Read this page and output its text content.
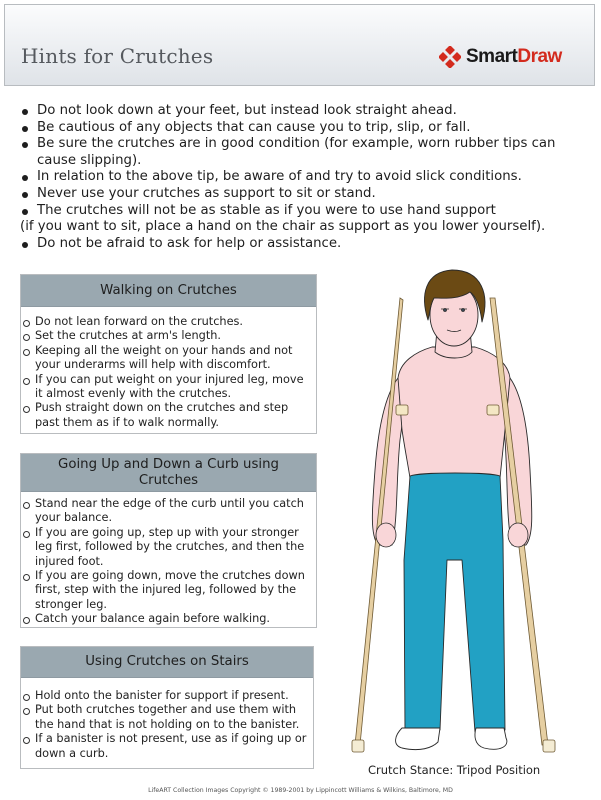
Hints for Crutches	SmartDraw
Do not look down at your feet, but instead look straight ahead.
Be cautious of any objects that can cause you to trip, slip, or fall.
Be sure the crutches are in good condition (for example, worn rubber tips can cause slipping).
In relation to the above tip, be aware of and try to avoid slick conditions.
Never use your crutches as support to sit or stand.
The crutches will not be as stable as if you were to use hand support
(if you want to sit, place a hand on the chair as support as you lower yourself).
Do not be afraid to ask for help or assistance.
Walking on Crutches
Do not lean forward on the crutches.
Set the crutches at arm's length.
Keeping all the weight on your hands and not your underarms will help with discomfort.
If you can put weight on your injured leg, move it almost evenly with the crutches.
Push straight down on the crutches and step past them as if to walk normally.
Going Up and Down a Curb using Crutches
Stand near the edge of the curb until you catch your balance.
If you are going up, step up with your stronger leg first, followed by the crutches, and then the injured foot.
If you are going down, move the crutches down first, step with the injured leg, followed by the stronger leg.
Catch your balance again before walking.
Using Crutches on Stairs
Hold onto the banister for support if present.
Put both crutches together and use them with the hand that is not holding on to the banister.
If a banister is not present, use as if going up or down a curb.
Crutch Stance: Tripod Position
LifeART Collection Images Copyright © 1989-2001 by Lippincott Williams & Wilkins, Baltimore, MD
